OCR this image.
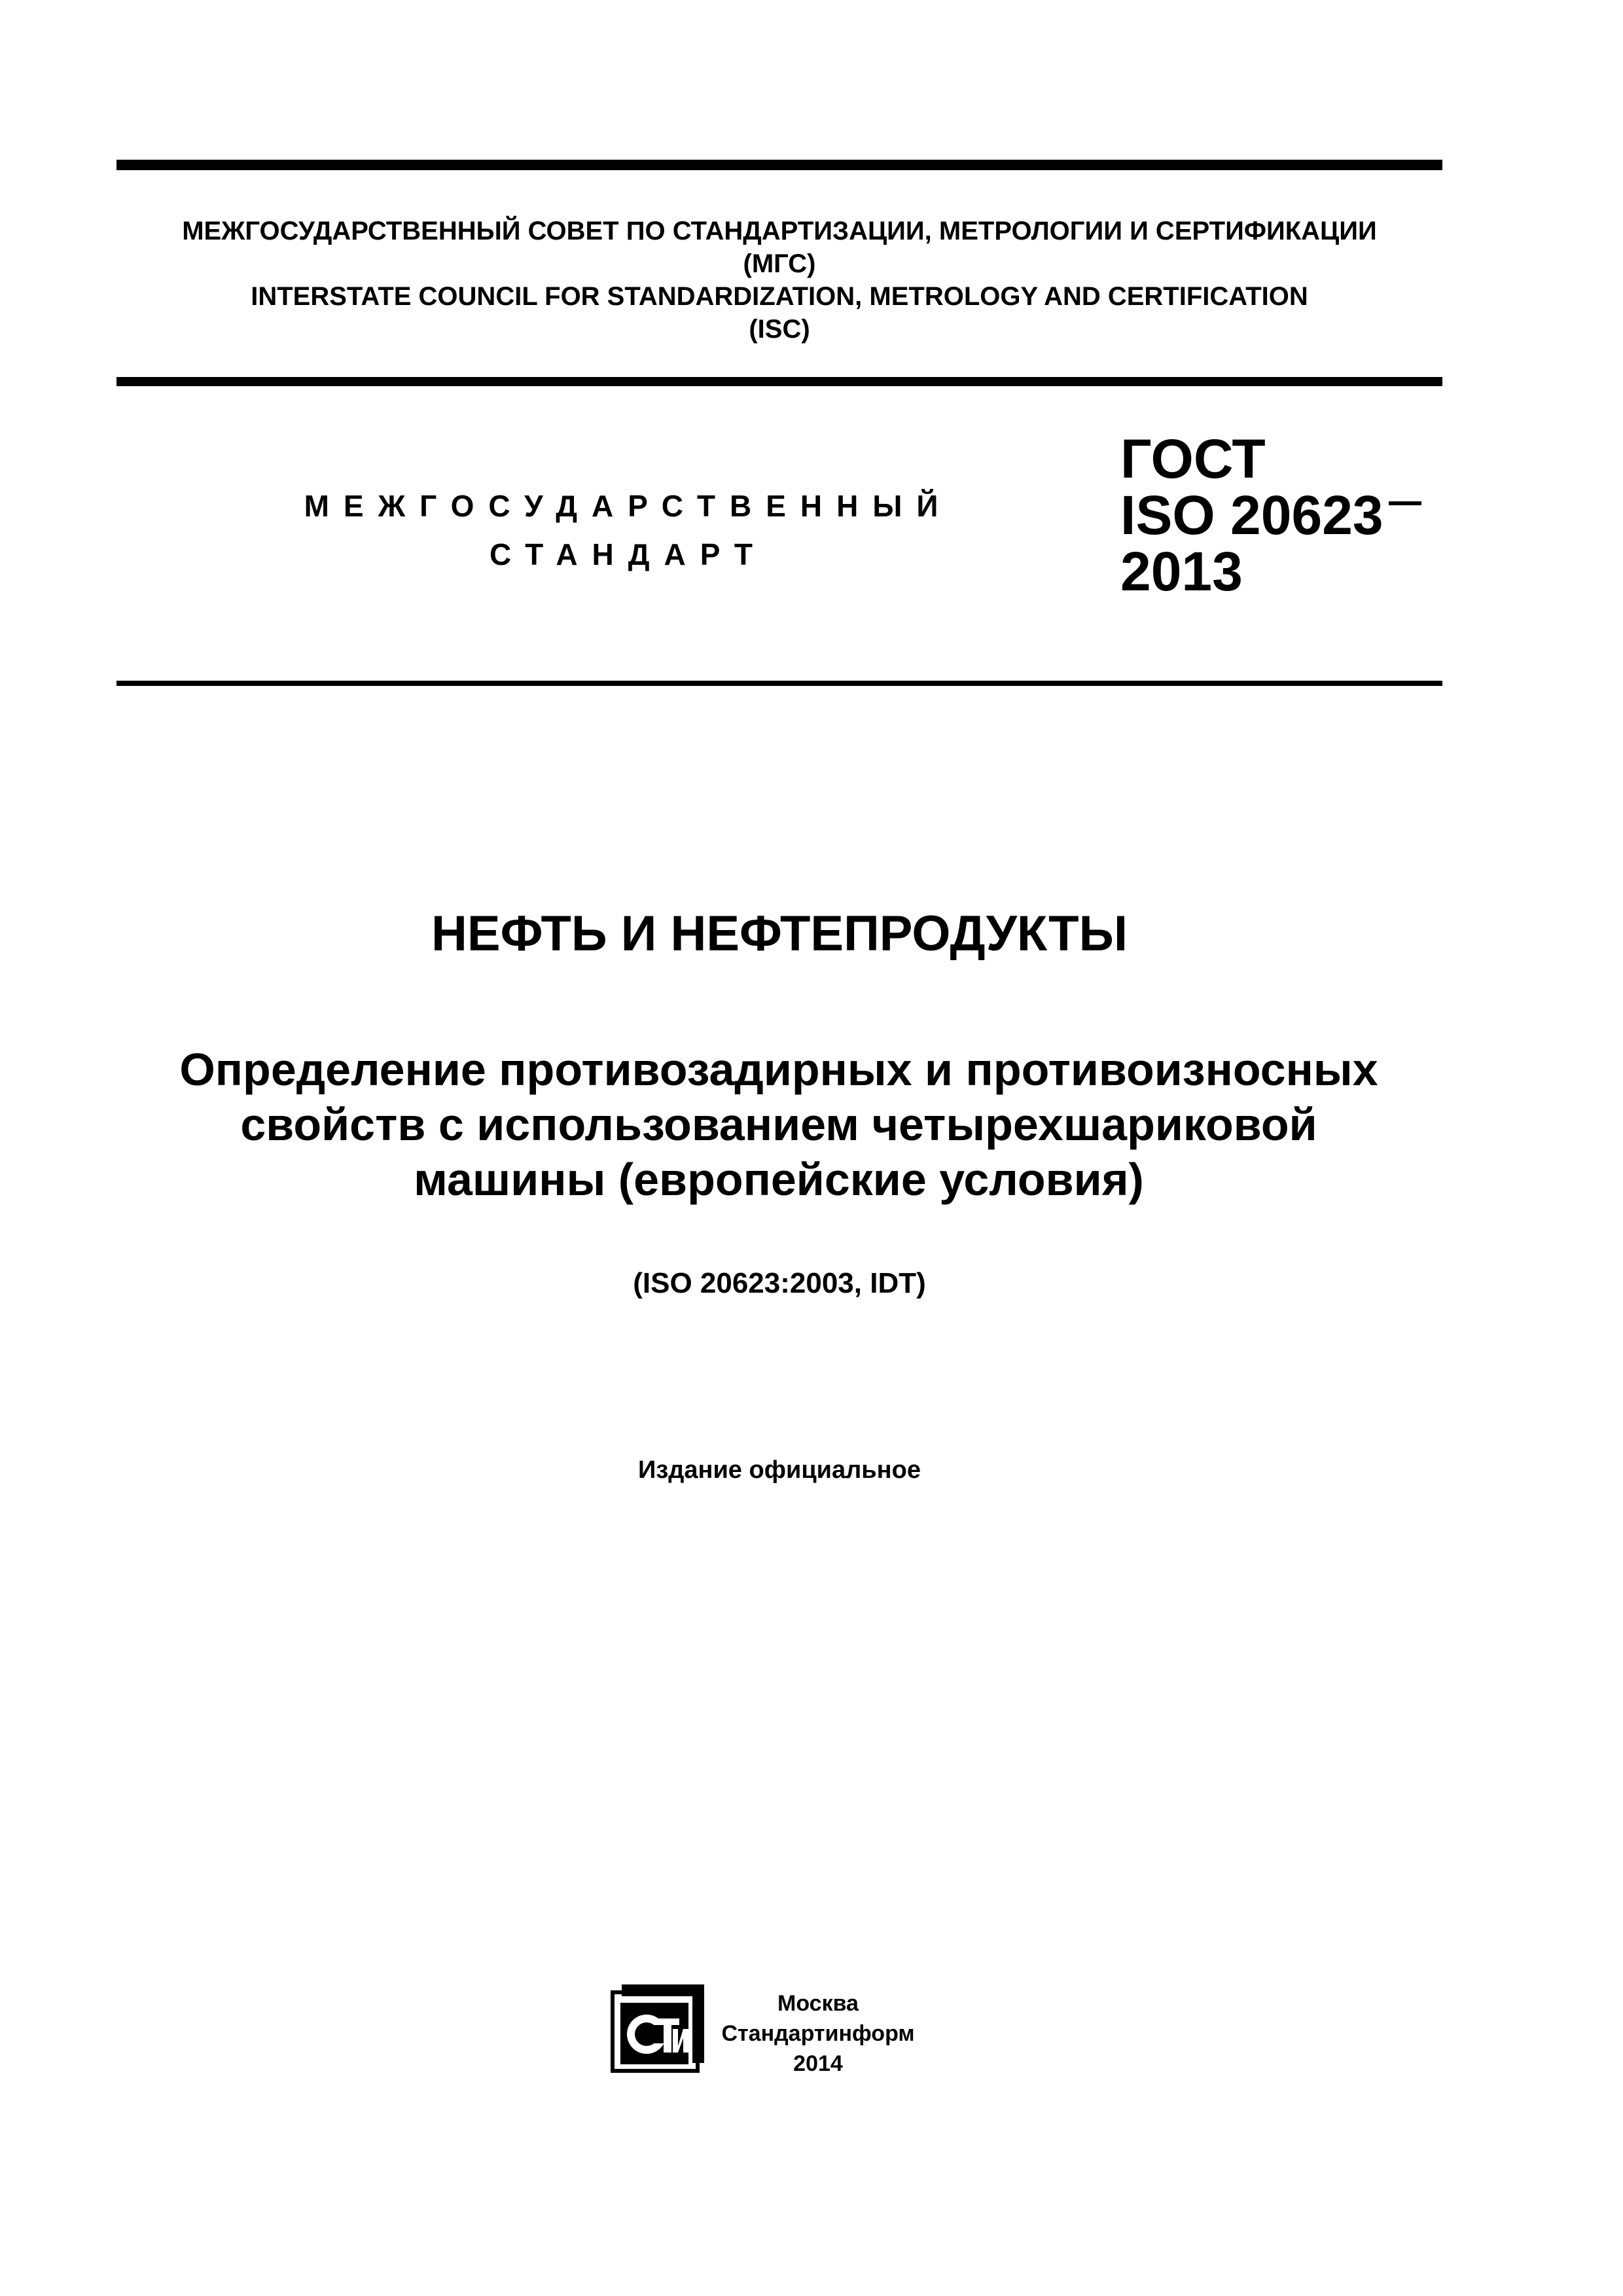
МЕЖГОСУДАРСТВЕННЫЙ СОВЕТ ПО СТАНДАРТИЗАЦИИ, МЕТРОЛОГИИ И СЕРТИФИКАЦИИ
(МГС)
INTERSTATE COUNCIL FOR STANDARDIZATION, METROLOGY AND CERTIFICATION
(ISC)
МЕЖГОСУДАРСТВЕННЫЙ
СТАНДАРТ
ГОСТ
ISO 20623
2013
НЕФТЬ И НЕФТЕПРОДУКТЫ
Определение противозадирных и противоизносных
свойств с использованием четырехшариковой
машины (европейские условия)
(ISO 20623:2003, IDT)
Издание официальное
Москва
Стандартинформ
2014
